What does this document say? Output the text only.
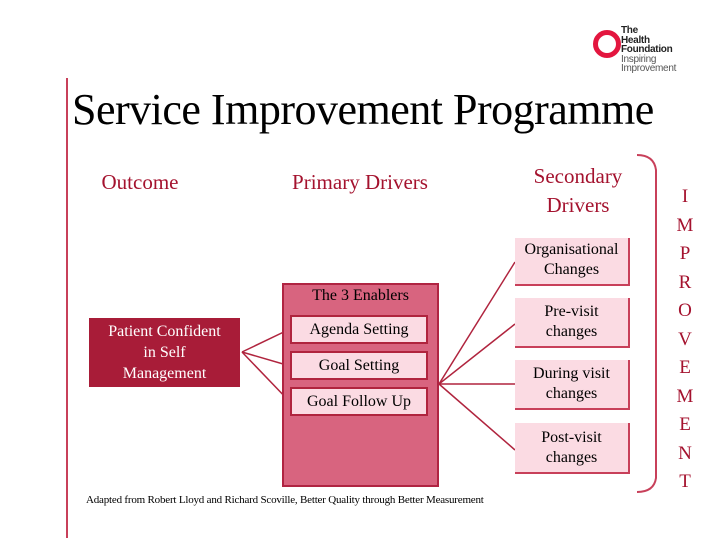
The
Health
Foundation
Inspiring
Improvement
Service Improvement Programme
Outcome	Primary Drivers	Secondary
Drivers
Patient Confident
in Self
Management
The 3 Enablers
Agenda Setting
Goal Setting
Goal Follow Up
Organisational
Changes
Pre-visit
changes
During visit
changes
Post-visit
changes
I
M
P
R
O
V
E
M
E
N
T
Adapted from Robert Lloyd and Richard Scoville, Better Quality through Better Measurement
